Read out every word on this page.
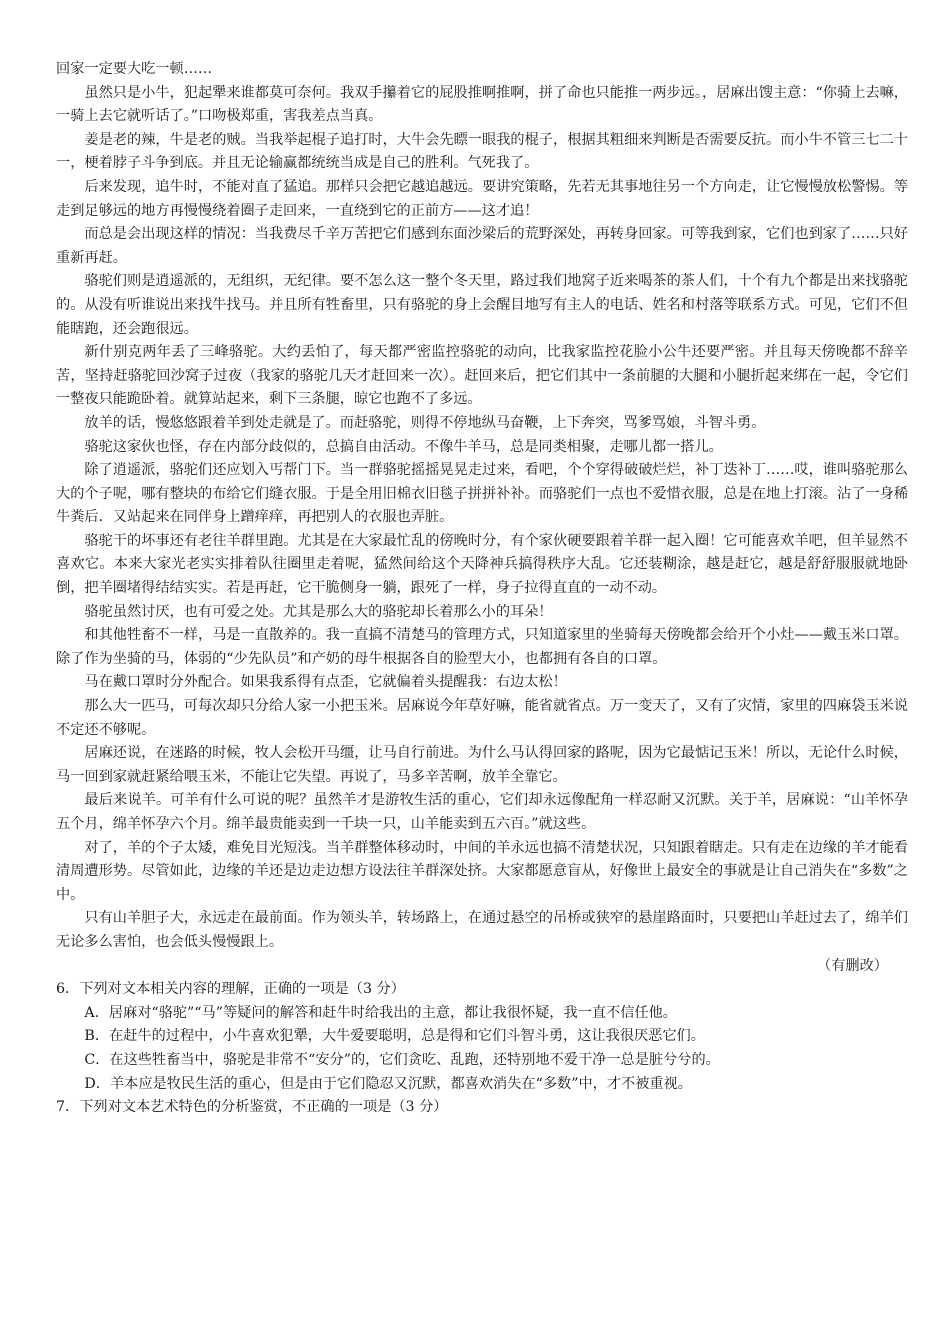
回家一定要大吃一顿……

虽然只是小牛，犯起犟来谁都莫可奈何。我双手攥着它的屁股推啊推啊，拼了命也只能推一两步远。，居麻出馊主意：“你骑上去嘛，一骑上去它就听话了。”口吻极郑重，害我差点当真。

姜是老的辣，牛是老的贼。当我举起棍子追打时，大牛会先瞟一眼我的棍子，根据其粗细来判断是否需要反抗。而小牛不管三七二十一，梗着脖子斗争到底。并且无论输赢都统统当成是自己的胜利。气死我了。

后来发现，追牛时，不能对直了猛追。那样只会把它越追越远。要讲究策略，先若无其事地往另一个方向走，让它慢慢放松警惕。等走到足够远的地方再慢慢绕着圈子走回来，一直绕到它的正前方——这才追！

而总是会出现这样的情况：当我费尽千辛万苦把它们感到东面沙梁后的荒野深处，再转身回家。可等我到家，它们也到家了……只好重新再赶。

骆驼们则是逍遥派的，无组织，无纪律。要不怎么这一整个冬天里，路过我们地窝子近来喝茶的茶人们，十个有九个都是出来找骆驼的。从没有听谁说出来找牛找马。并且所有牲畜里，只有骆驼的身上会醒目地写有主人的电话、姓名和村落等联系方式。可见，它们不但能瞎跑，还会跑很远。

新什别克两年丢了三峰骆驼。大约丢怕了，每天都严密监控骆驼的动向，比我家监控花脸小公牛还要严密。并且每天傍晚都不辞辛苦，坚持赶骆驼回沙窝子过夜（我家的骆驼几天才赶回来一次）。赶回来后，把它们其中一条前腿的大腿和小腿折起来绑在一起，令它们一整夜只能跪卧着。就算站起来，剩下三条腿，晾它也跑不了多远。

放羊的话，慢悠悠跟着羊到处走就是了。而赶骆驼，则得不停地纵马奋鞭，上下奔突，骂爹骂娘，斗智斗勇。

骆驼这家伙也怪，存在内部分歧似的，总搞自由活动。不像牛羊马，总是同类相聚，走哪儿都一搭儿。

除了逍遥派，骆驼们还应划入丐帮门下。当一群骆驼摇摇晃晃走过来，看吧，个个穿得破破烂烂，补丁迭补丁……哎，谁叫骆驼那么大的个子呢，哪有整块的布给它们缝衣服。于是全用旧棉衣旧毯子拼拼补补。而骆驼们一点也不爱惜衣服，总是在地上打滚。沾了一身稀牛粪后．又站起来在同伴身上蹭痒痒，再把别人的衣服也弄脏。

骆驼干的坏事还有老往羊群里跑。尤其是在大家最忙乱的傍晚时分，有个家伙硬要跟着羊群一起入圈！它可能喜欢羊吧，但羊显然不喜欢它。本来大家光老实实排着队往圈里走着呢，猛然间给这个天降神兵搞得秩序大乱。它还装糊涂，越是赶它，越是舒舒服服就地卧倒，把羊圈堵得结结实实。若是再赶，它干脆侧身一躺，跟死了一样，身子拉得直直的一动不动。

骆驼虽然讨厌，也有可爱之处。尤其是那么大的骆驼却长着那么小的耳朵！

和其他牲畜不一样，马是一直散养的。我一直搞不清楚马的管理方式，只知道家里的坐骑每天傍晚都会给开个小灶——戴玉米口罩。除了作为坐骑的马，体弱的“少先队员”和产奶的母牛根据各自的脸型大小，也都拥有各自的口罩。

马在戴口罩时分外配合。如果我系得有点歪，它就偏着头提醒我：右边太松！

那么大一匹马，可每次却只分给人家一小把玉米。居麻说今年草好嘛，能省就省点。万一变天了，又有了灾情，家里的四麻袋玉米说不定还不够呢。

居麻还说，在迷路的时候，牧人会松开马缰，让马自行前进。为什么马认得回家的路呢，因为它最惦记玉米！所以，无论什么时候，马一回到家就赶紧给喂玉米，不能让它失望。再说了，马多辛苦啊，放羊全靠它。

最后来说羊。可羊有什么可说的呢？虽然羊才是游牧生活的重心，它们却永远像配角一样忍耐又沉默。关于羊，居麻说：“山羊怀孕五个月，绵羊怀孕六个月。绵羊最贵能卖到一千块一只，山羊能卖到五六百。”就这些。

对了，羊的个子太矮，难免目光短浅。当羊群整体移动时，中间的羊永远也搞不清楚状况，只知跟着瞎走。只有走在边缘的羊才能看清周遭形势。尽管如此，边缘的羊还是边走边想方设法往羊群深处挤。大家都愿意盲从，好像世上最安全的事就是让自己消失在“多数”之中。

只有山羊胆子大，永远走在最前面。作为领头羊，转场路上，在通过悬空的吊桥或狭窄的悬崖路面时，只要把山羊赶过去了，绵羊们无论多么害怕，也会低头慢慢跟上。

（有删改）

6．下列对文本相关内容的理解，正确的一项是（3 分）

A．居麻对“骆驼”“马”等疑问的解答和赶牛时给我出的主意，都让我很怀疑，我一直不信任他。

B．在赶牛的过程中，小牛喜欢犯犟，大牛爱要聪明，总是得和它们斗智斗勇，这让我很厌恶它们。

C．在这些牲畜当中，骆驼是非常不“安分”的，它们贪吃、乱跑，还特别地不爱干净一总是脏兮兮的。

D．羊本应是牧民生活的重心，但是由于它们隐忍又沉默，都喜欢消失在“多数”中，才不被重视。

7．下列对文本艺术特色的分析鉴赏，不正确的一项是（3 分）
